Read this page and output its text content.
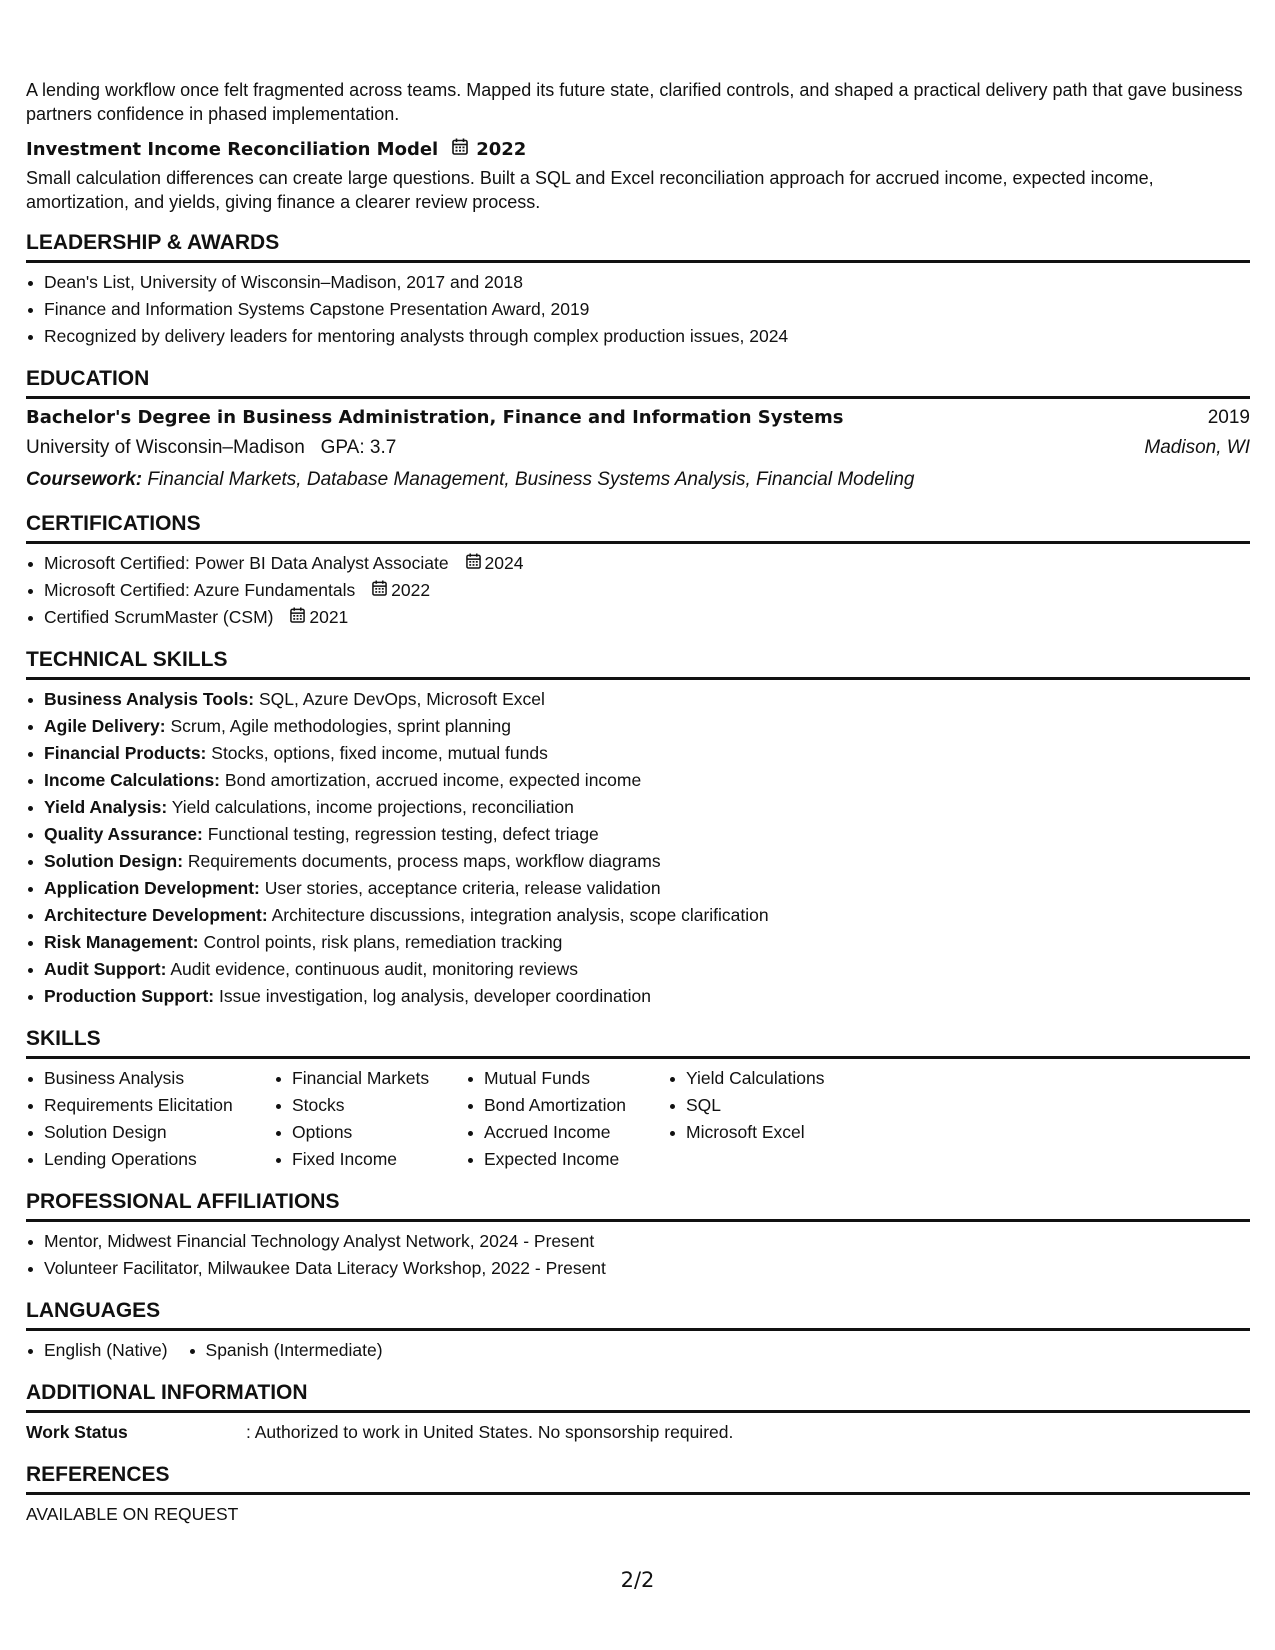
A lending workflow once felt fragmented across teams. Mapped its future state, clarified controls, and shaped a practical delivery path that gave business partners confidence in phased implementation.

Investment Income Reconciliation Model 2022

Small calculation differences can create large questions. Built a SQL and Excel reconciliation approach for accrued income, expected income, amortization, and yields, giving finance a clearer review process.

LEADERSHIP & AWARDS
Dean's List, University of Wisconsin–Madison, 2017 and 2018
Finance and Information Systems Capstone Presentation Award, 2019
Recognized by delivery leaders for mentoring analysts through complex production issues, 2024
EDUCATION
Bachelor's Degree in Business Administration, Finance and Information Systems	2019
University of Wisconsin–Madison GPA: 3.7	Madison, WI
Coursework: Financial Markets, Database Management, Business Systems Analysis, Financial Modeling
CERTIFICATIONS
Microsoft Certified: Power BI Data Analyst Associate 2024
Microsoft Certified: Azure Fundamentals 2022
Certified ScrumMaster (CSM) 2021
TECHNICAL SKILLS
Business Analysis Tools: SQL, Azure DevOps, Microsoft Excel
Agile Delivery: Scrum, Agile methodologies, sprint planning
Financial Products: Stocks, options, fixed income, mutual funds
Income Calculations: Bond amortization, accrued income, expected income
Yield Analysis: Yield calculations, income projections, reconciliation
Quality Assurance: Functional testing, regression testing, defect triage
Solution Design: Requirements documents, process maps, workflow diagrams
Application Development: User stories, acceptance criteria, release validation
Architecture Development: Architecture discussions, integration analysis, scope clarification
Risk Management: Control points, risk plans, remediation tracking
Audit Support: Audit evidence, continuous audit, monitoring reviews
Production Support: Issue investigation, log analysis, developer coordination
SKILLS
Business Analysis
Requirements Elicitation
Solution Design
Lending Operations
Financial Markets
Stocks
Options
Fixed Income
Mutual Funds
Bond Amortization
Accrued Income
Expected Income
Yield Calculations
SQL
Microsoft Excel
PROFESSIONAL AFFILIATIONS
Mentor, Midwest Financial Technology Analyst Network, 2024 - Present
Volunteer Facilitator, Milwaukee Data Literacy Workshop, 2022 - Present
LANGUAGES
English (Native)	Spanish (Intermediate)
ADDITIONAL INFORMATION
Work Status	: Authorized to work in United States. No sponsorship required.
REFERENCES
AVAILABLE ON REQUEST
2/2
